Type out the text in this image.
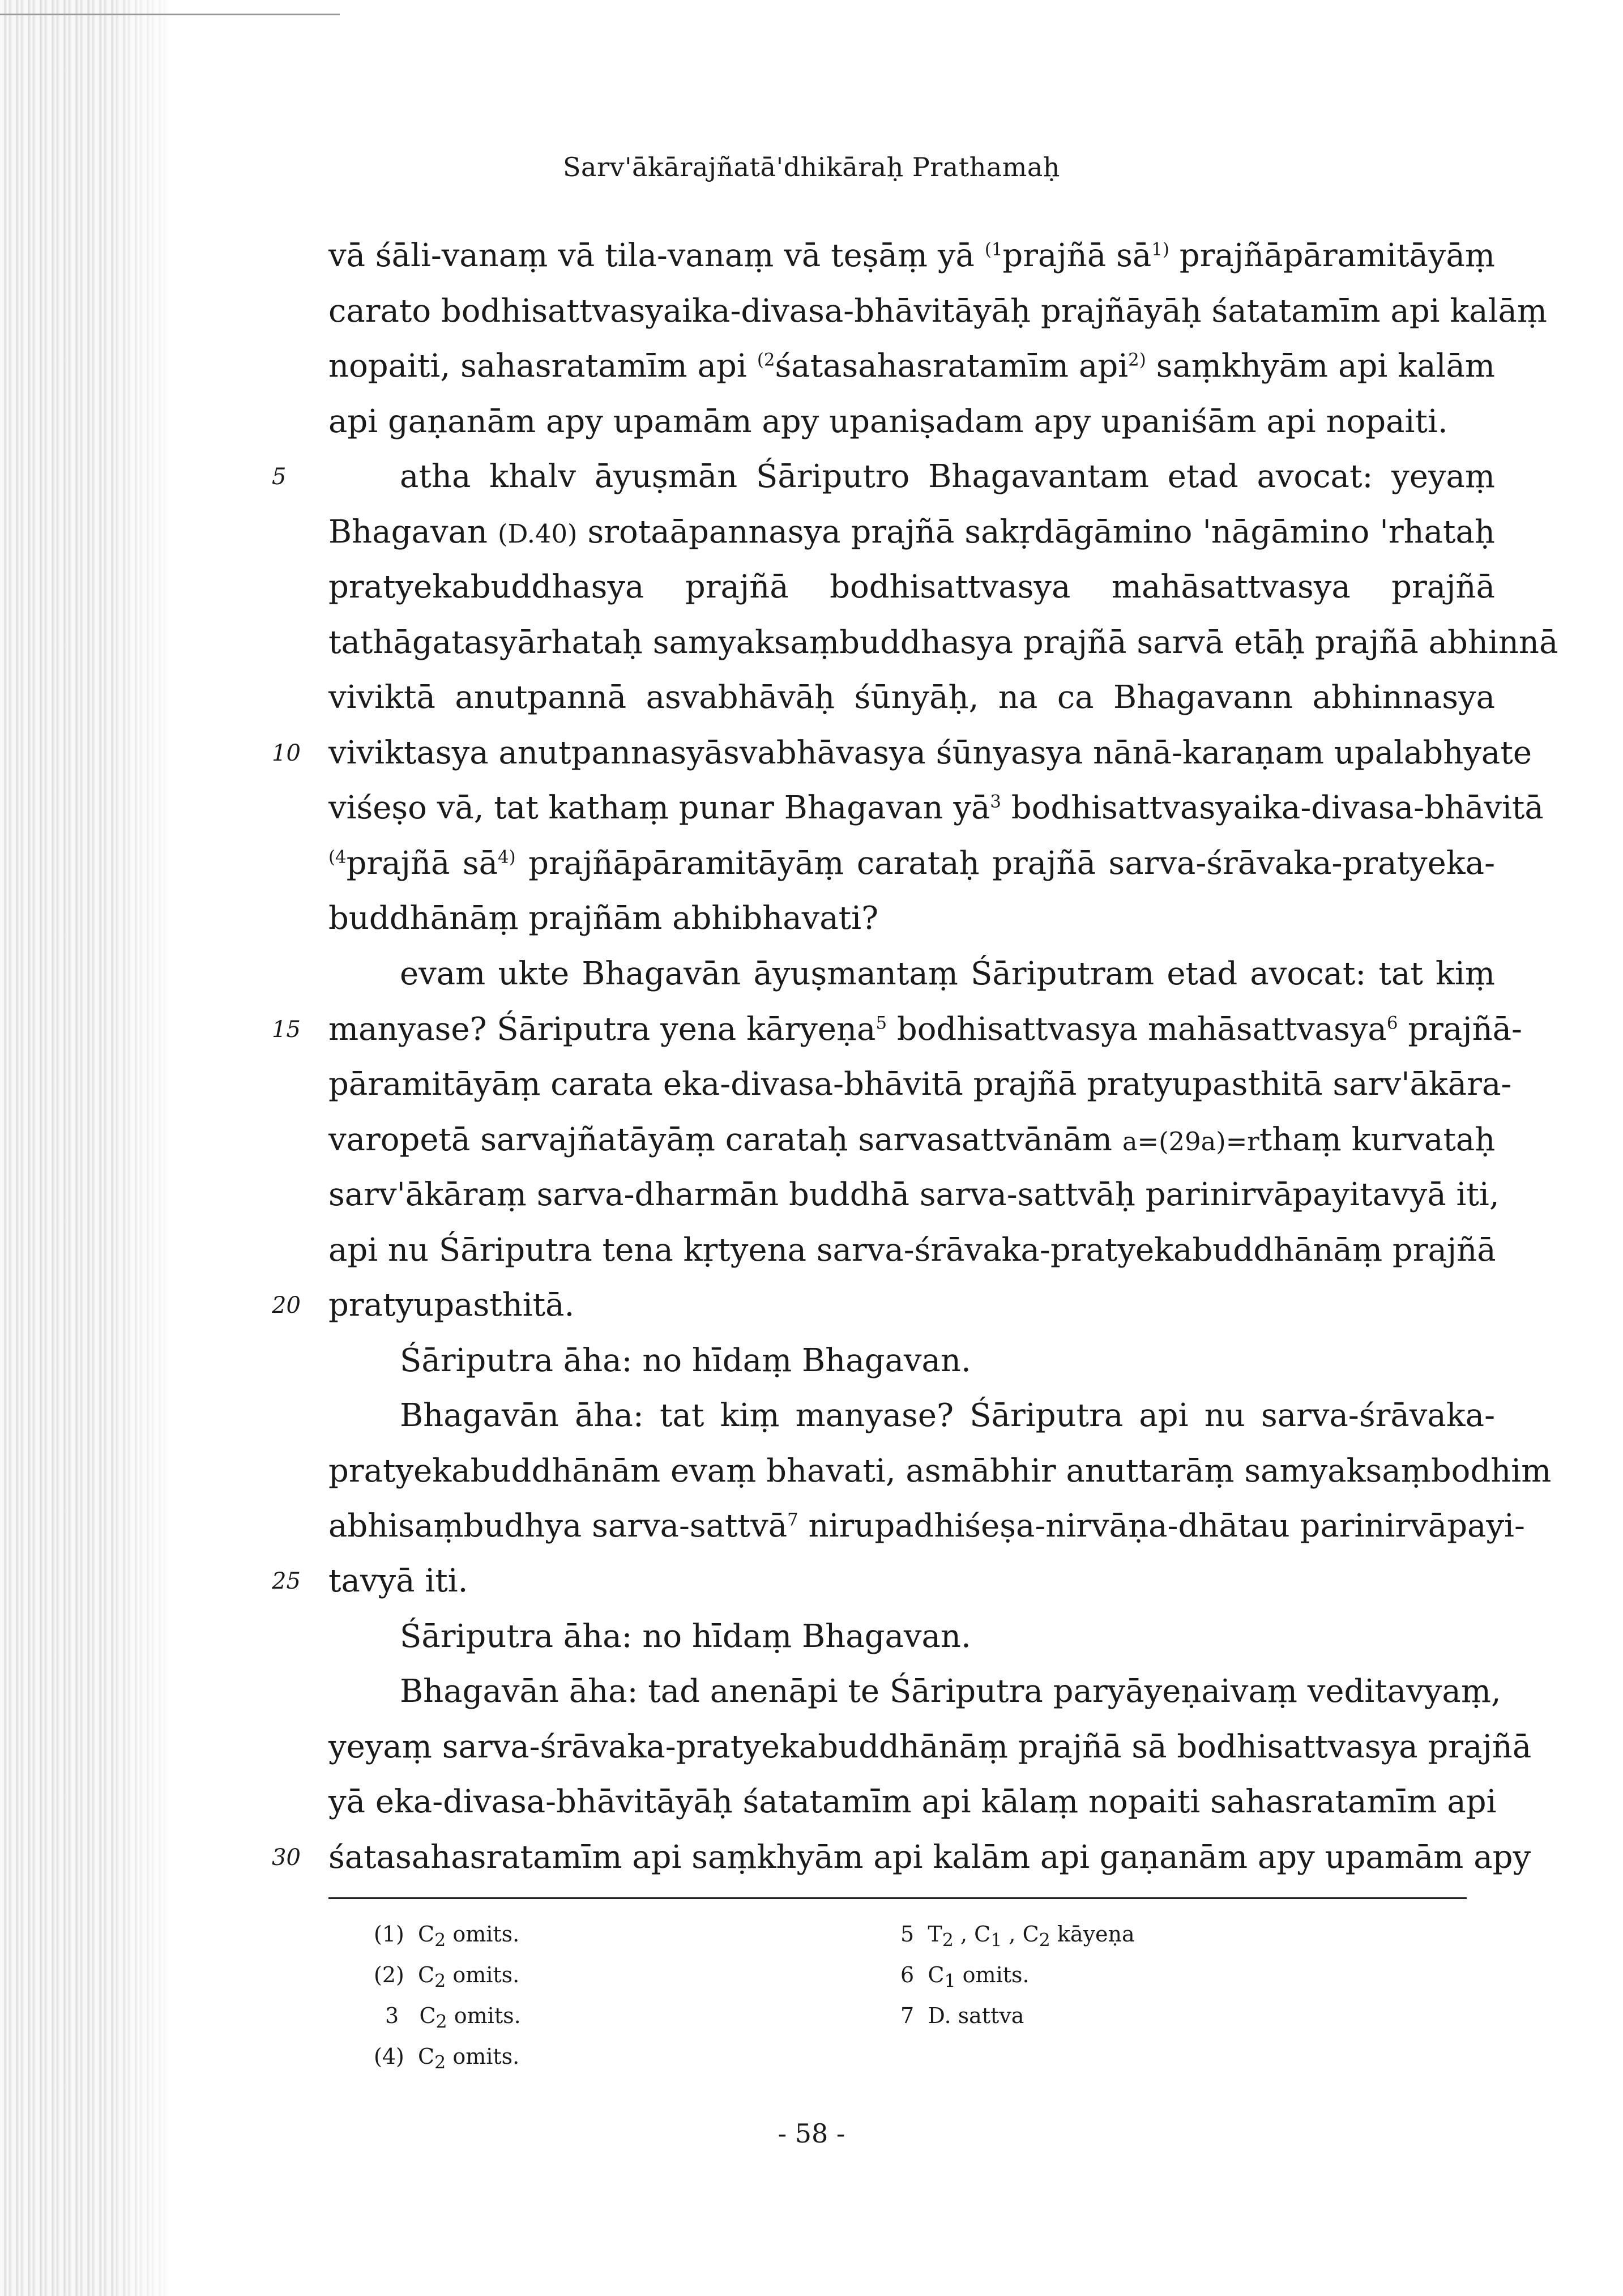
Sarv'ākārajñatā'dhikāraḥ Prathamaḥ
5
10
15
20
25
30
vā śāli-vanaṃ vā tila-vanaṃ vā teṣāṃ yā $^{(1}$prajñā $sā^{1)}$ prajñāpāramitāyāṃ
carato bodhisattvasyaika-divasa-bhāvitāyāḥ prajñāyāḥ śatatamīm api kalāṃ
nopaiti, sahasratamīm api $^{(2}$śatasahasratamīm api$^{2)}$ saṃkhyām api kalām
api gaṇanām apy upamām apy upaniṣadam apy upaniśām api nopaiti.
atha khalv āyuṣmān Śāriputro Bhagavantam etad avocat: yeyaṃ
Bhagavan (D.40) srotaāpannasya prajñā sakṛdāgāmino 'nāgāmino 'rhataḥ
pratyekabuddhasya prajñā bodhisattvasya mahāsattvasya prajñā
tathāgatasyārhataḥ samyaksaṃbuddhasya prajñā sarvā etāḥ prajñā abhinnā
viviktā anutpannā asvabhāvāḥ śūnyāḥ, na ca Bhagavann abhinnasya
viviktasya anutpannasyāsvabhāvasya śūnyasya nānā-karaṇam upalabhyate
viśeṣo vā, tat kathaṃ punar Bhagavan $yā^3$ bodhisattvasyaika-divasa-bhāvitā
$^{(4}$prajñā $sā^{4)}$ prajñāpāramitāyāṃ carataḥ prajñā sarva-śrāvaka-pratyeka-
buddhānāṃ prajñām abhibhavati?
evam ukte Bhagavān āyuṣmantaṃ Śāriputram etad avocat: tat kiṃ
manyase? Śāriputra yena kāryeṇa$^5$ bodhisattvasya mahāsattvasya$^6$ prajñā-
pāramitāyāṃ carata eka-divasa-bhāvitā prajñā pratyupasthitā sarv'ākāra-
varopetā sarvajñatāyāṃ carataḥ sarvasattvānām a=(29a)=rthaṃ kurvataḥ
sarv'ākāraṃ sarva-dharmān buddhā sarva-sattvāḥ parinirvāpayitavyā iti,
api nu Śāriputra tena kṛtyena sarva-śrāvaka-pratyekabuddhānāṃ prajñā
pratyupasthitā.
Śāriputra āha: no hīdaṃ Bhagavan.
Bhagavān āha: tat kiṃ manyase? Śāriputra api nu sarva-śrāvaka-
pratyekabuddhānām evaṃ bhavati, asmābhir anuttarāṃ samyaksaṃbodhim
abhisaṃbudhya sarva-sattvā$^7$ nirupadhiśeṣa-nirvāṇa-dhātau parinirvāpayi-
tavyā iti.
Śāriputra āha: no hīdaṃ Bhagavan.
Bhagavān āha: tad anenāpi te Śāriputra paryāyeṇaivaṃ veditavyaṃ,
yeyaṃ sarva-śrāvaka-pratyekabuddhānāṃ prajñā sā bodhisattvasya prajñā
yā eka-divasa-bhāvitāyāḥ śatatamīm api kālaṃ nopaiti sahasratamīm api
śatasahasratamīm api saṃkhyām api kalām api gaṇanām apy upamām apy
(1) $C_2$ omits.
(2) $C_2$ omits.
3 $C_2$ omits.
(4) $C_2$ omits.
5 $T_2$ , $C_1$ , $C_2$ kāyeṇa
6 $C_1$ omits.
7 D. sattva
- 58 -
